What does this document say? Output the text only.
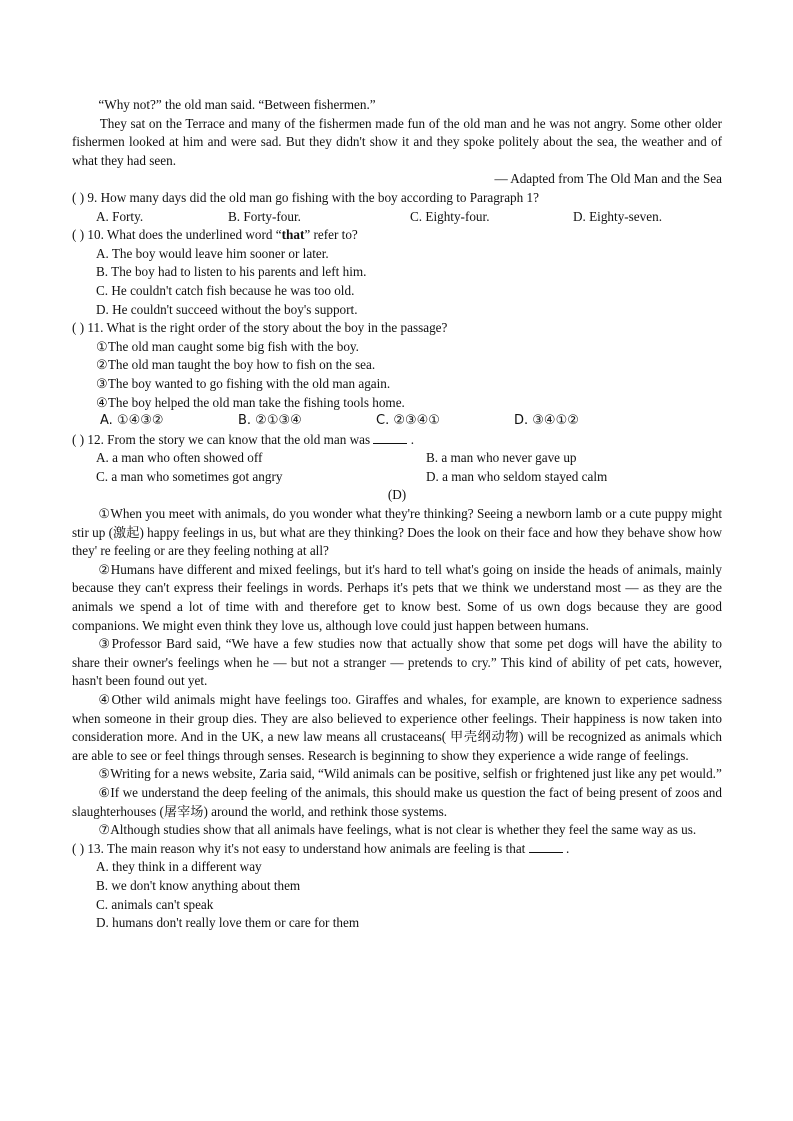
“Why not?” the old man said. “Between fishermen.”

They sat on the Terrace and many of the fishermen made fun of the old man and he was not angry. Some other older fishermen looked at him and were sad. But they didn't show it and they spoke politely about the sea, the weather and of what they had seen.

— Adapted from The Old Man and the Sea

( ) 9. How many days did the old man go fishing with the boy according to Paragraph 1?

A. Forty.	B. Forty-four.	C. Eighty-four.	D. Eighty-seven.

( ) 10. What does the underlined word “that” refer to?

A. The boy would leave him sooner or later.

B. The boy had to listen to his parents and left him.

C. He couldn't catch fish because he was too old.

D. He couldn't succeed without the boy's support.

( ) 11. What is the right order of the story about the boy in the passage?

①The old man caught some big fish with the boy.

②The old man taught the boy how to fish on the sea.

③The boy wanted to go fishing with the old man again.

④The boy helped the old man take the fishing tools home.

A. ①④③②	B. ②①③④	C. ②③④①	D. ③④①②

( ) 12. From the story we can know that the old man was	.

A. a man who often showed off	B. a man who never gave up
C. a man who sometimes got angry	D. a man who seldom stayed calm

(D)

①When you meet with animals, do you wonder what they're thinking? Seeing a newborn lamb or a cute puppy might stir up (激起) happy feelings in us, but what are they thinking? Does the look on their face and how they behave show how they' re feeling or are they feeling nothing at all?

②Humans have different and mixed feelings, but it's hard to tell what's going on inside the heads of animals, mainly because they can't express their feelings in words. Perhaps it's pets that we think we understand most — as they are the animals we spend a lot of time with and therefore get to know best. Some of us own dogs because they are good companions. We might even think they love us, although love could just happen between humans.

③Professor Bard said, “We have a few studies now that actually show that some pet dogs will have the ability to share their owner's feelings when he — but not a stranger — pretends to cry.” This kind of ability of pet cats, however, hasn't been found out yet.

④Other wild animals might have feelings too. Giraffes and whales, for example, are known to experience sadness when someone in their group dies. They are also believed to experience other feelings. Their happiness is now taken into consideration more. And in the UK, a new law means all crustaceans( 甲壳纲动物) will be recognized as animals which are able to see or feel things through senses. Research is beginning to show they experience a wide range of feelings.

⑤Writing for a news website, Zaria said, “Wild animals can be positive, selfish or frightened just like any pet would.”

⑥If we understand the deep feeling of the animals, this should make us question the fact of being present of zoos and slaughterhouses (屠宰场) around the world, and rethink those systems.

⑦Although studies show that all animals have feelings, what is not clear is whether they feel the same way as us.

( ) 13. The main reason why it's not easy to understand how animals are feeling is that	.

A. they think in a different way

B. we don't know anything about them

C. animals can't speak

D. humans don't really love them or care for them
